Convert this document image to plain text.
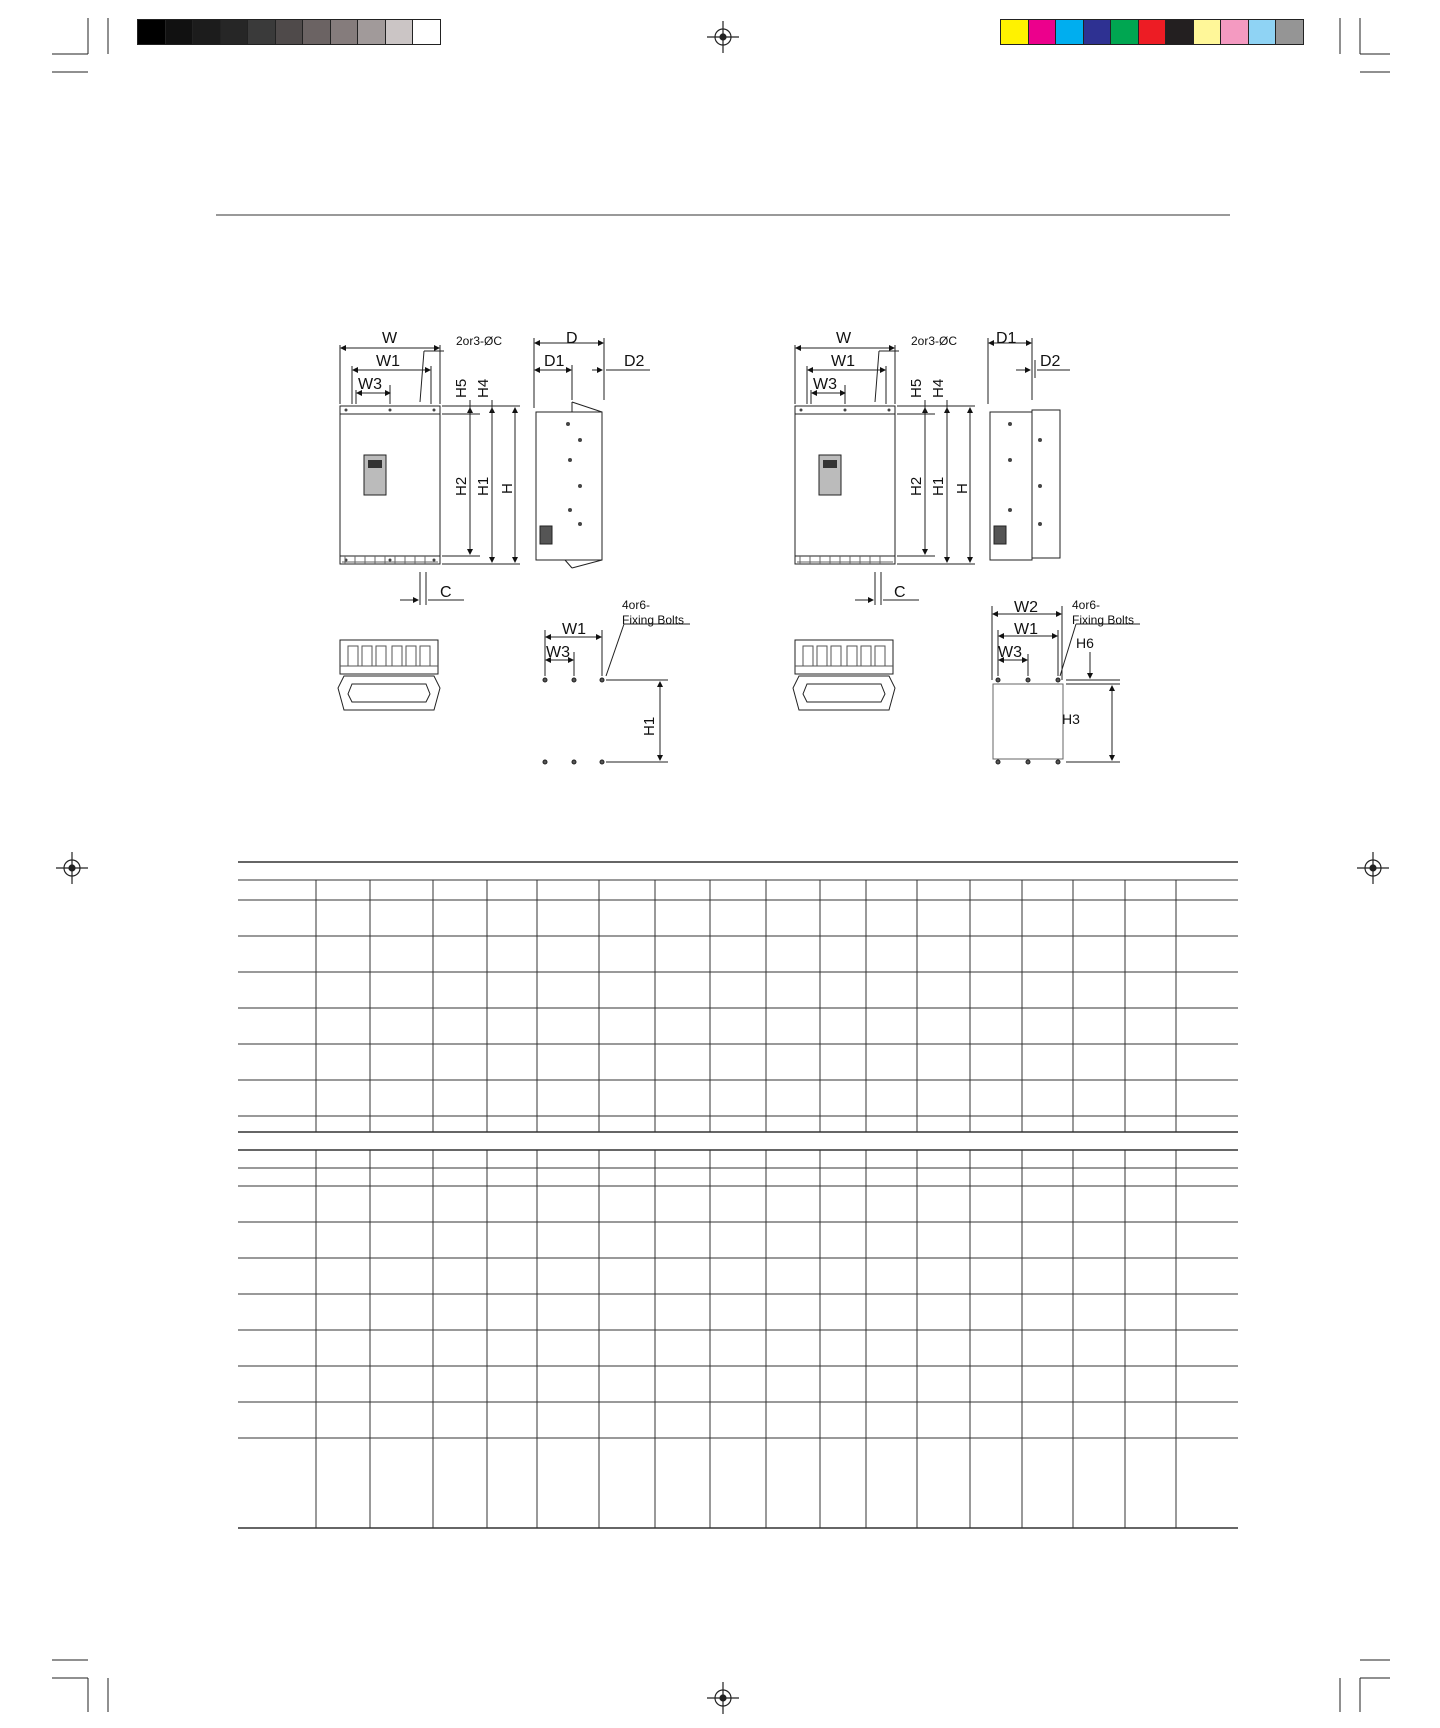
W
W1
W3
2or3-ØC
H5 H4
H2 H1 H
C
D
D1	D2
W1
W3
H1
4or6-
Fixing Bolts
W
W1
W3
2or3-ØC
H5 H4
H2 H1 H
C
D1
D2
W2
W1
W3
H6
H3
4or6-
Fixing Bolts
